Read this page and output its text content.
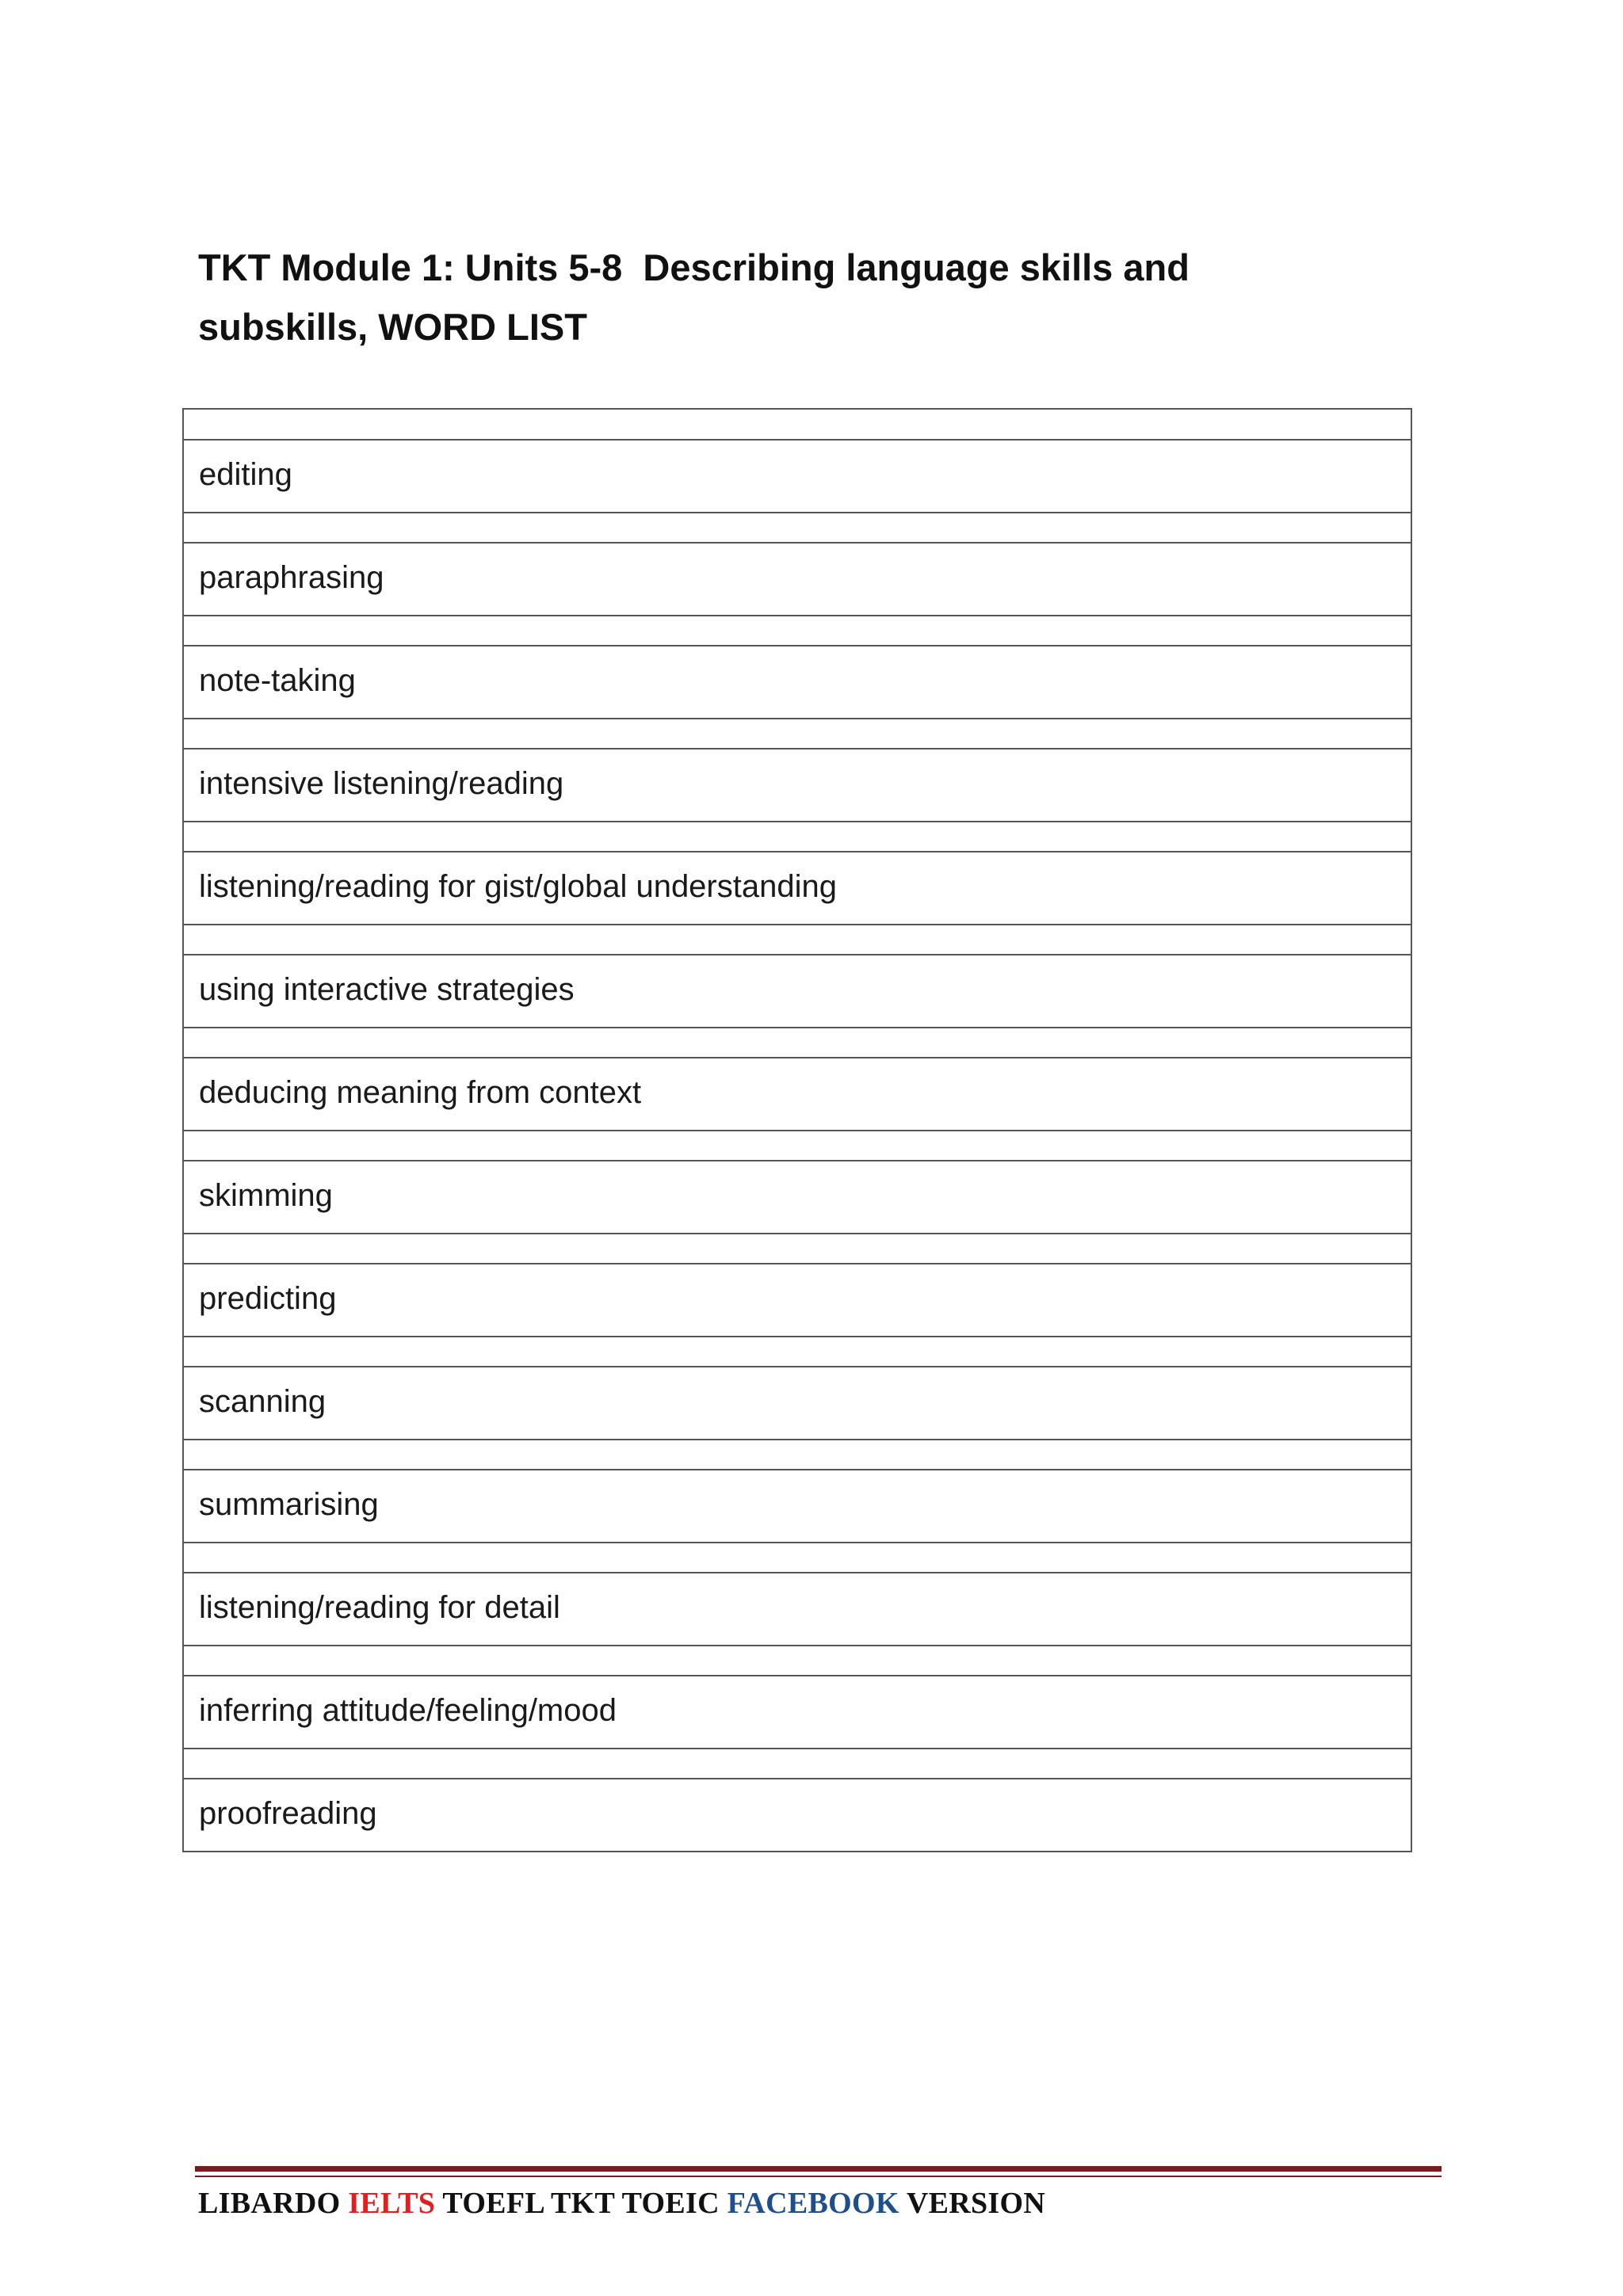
TKT Module 1: Units 5-8  Describing language skills and
subskills, WORD LIST

editing

paraphrasing

note-taking

intensive listening/reading

listening/reading for gist/global understanding

using interactive strategies

deducing meaning from context

skimming

predicting

scanning

summarising

listening/reading for detail

inferring attitude/feeling/mood

proofreading
LIBARDO IELTS TOEFL TKT TOEIC FACEBOOK VERSION
